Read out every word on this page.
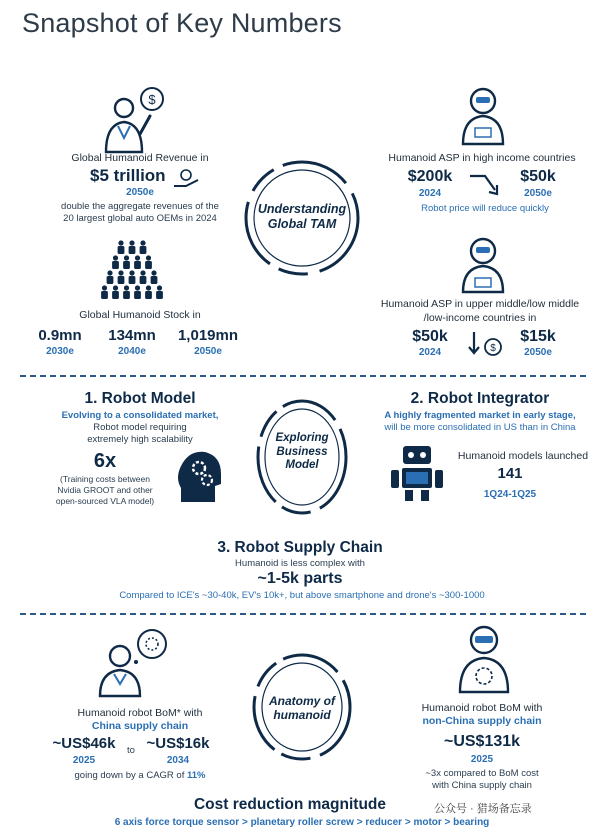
Snapshot of Key Numbers
$
Global Humanoid Revenue in
$5 trillion
2050e
double the aggregate revenues of the
20 largest global auto OEMs in 2024
Global Humanoid Stock in
0.9mn
2030e
134mn
2040e
1,019mn
2050e
Understanding
Global TAM
Humanoid ASP in high income countries
$200k
2024
$50k
2050e
Robot price will reduce quickly
Humanoid ASP in upper middle/low middle
/low-income countries in
$50k
2024	$
$15k
2050e
1. Robot Model
Evolving to a consolidated market,
Robot model requiring
extremely high scalability
6x
(Training costs between
Nvidia GROOT and other
open-sourced VLA model)
Exploring
Business
Model
2. Robot Integrator
A highly fragmented market in early stage,
will be more consolidated in US than in China
Humanoid models launched
141
1Q24-1Q25
3. Robot Supply Chain
Humanoid is less complex with
~1-5k parts
Compared to ICE's ~30-40k, EV's 10k+, but above smartphone and drone's ~300-1000
Humanoid robot BoM* with
China supply chain
~US$46k
2025
to ~US$16k
2034
going down by a CAGR of 11%
Anatomy of
humanoid
Humanoid robot BoM with
non-China supply chain
~US$131k
2025
~3x compared to BoM cost
with China supply chain
Cost reduction magnitude
6 axis force torque sensor > planetary roller screw > reducer > motor > bearing
公众号 · 猎场备忘录
